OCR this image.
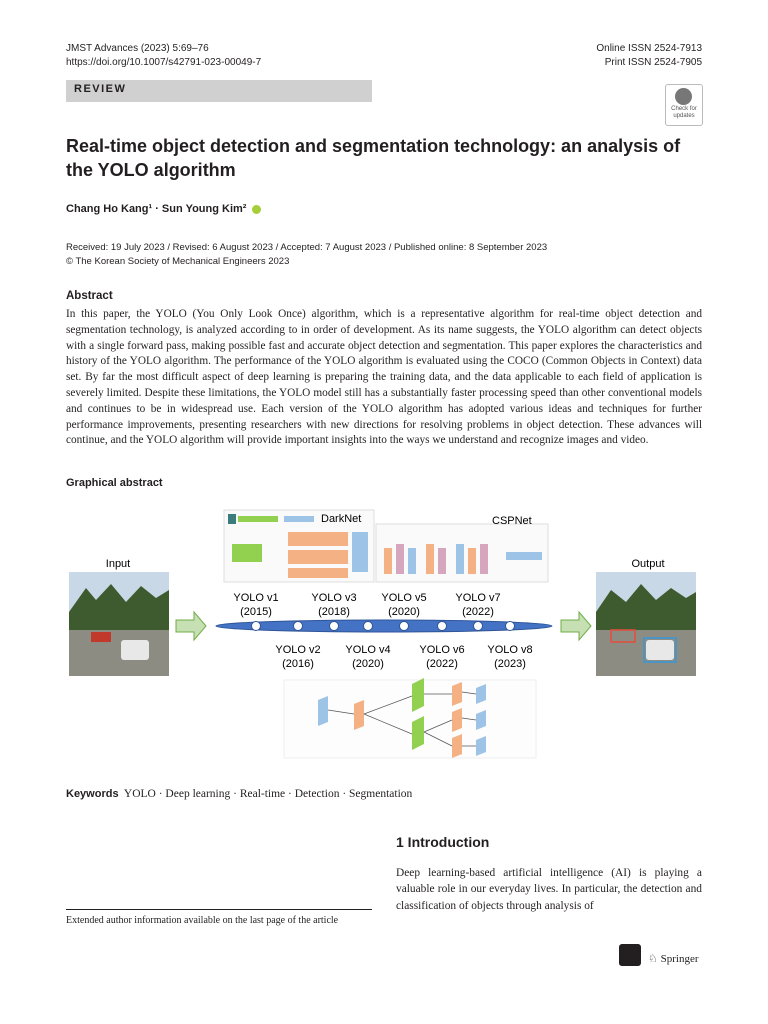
JMST Advances (2023) 5:69–76
https://doi.org/10.1007/s42791-023-00049-7
Online ISSN 2524-7913
Print ISSN 2524-7905
REVIEW
Check for updates
Real-time object detection and segmentation technology: an analysis of the YOLO algorithm
Chang Ho Kang¹ · Sun Young Kim²
Received: 19 July 2023 / Revised: 6 August 2023 / Accepted: 7 August 2023 / Published online: 8 September 2023
© The Korean Society of Mechanical Engineers 2023
Abstract
In this paper, the YOLO (You Only Look Once) algorithm, which is a representative algorithm for real-time object detection and segmentation technology, is analyzed according to in order of development. As its name suggests, the YOLO algorithm can detect objects with a single forward pass, making possible fast and accurate object detection and segmentation. This paper explores the characteristics and history of the YOLO algorithm. The performance of the YOLO algorithm is evaluated using the COCO (Common Objects in Context) data set. By far the most difficult aspect of deep learning is preparing the training data, and the data applicable to each field of application is severely limited. Despite these limitations, the YOLO model still has a substantially faster processing speed than other conventional models and continues to be in widespread use. Each version of the YOLO algorithm has adopted various ideas and techniques for further performance improvements, presenting researchers with new directions for resolving problems in object detection. These advances will continue, and the YOLO algorithm will provide important insights into the ways we understand and recognize images and video.
Graphical abstract
Input	Output
DarkNet	CSPNet
YOLO v1
(2015)
YOLO v3
(2018)
YOLO v5
(2020)
YOLO v7
(2022)
YOLO v2
(2016)
YOLO v4
(2020)
YOLO v6
(2022)
YOLO v8
(2023)
Keywords YOLO · Deep learning · Real-time · Detection · Segmentation
1 Introduction
Deep learning-based artificial intelligence (AI) is playing a valuable role in our everyday lives. In particular, the detection and classification of objects through analysis of
Extended author information available on the last page of the article
KSME ♘ Springer
